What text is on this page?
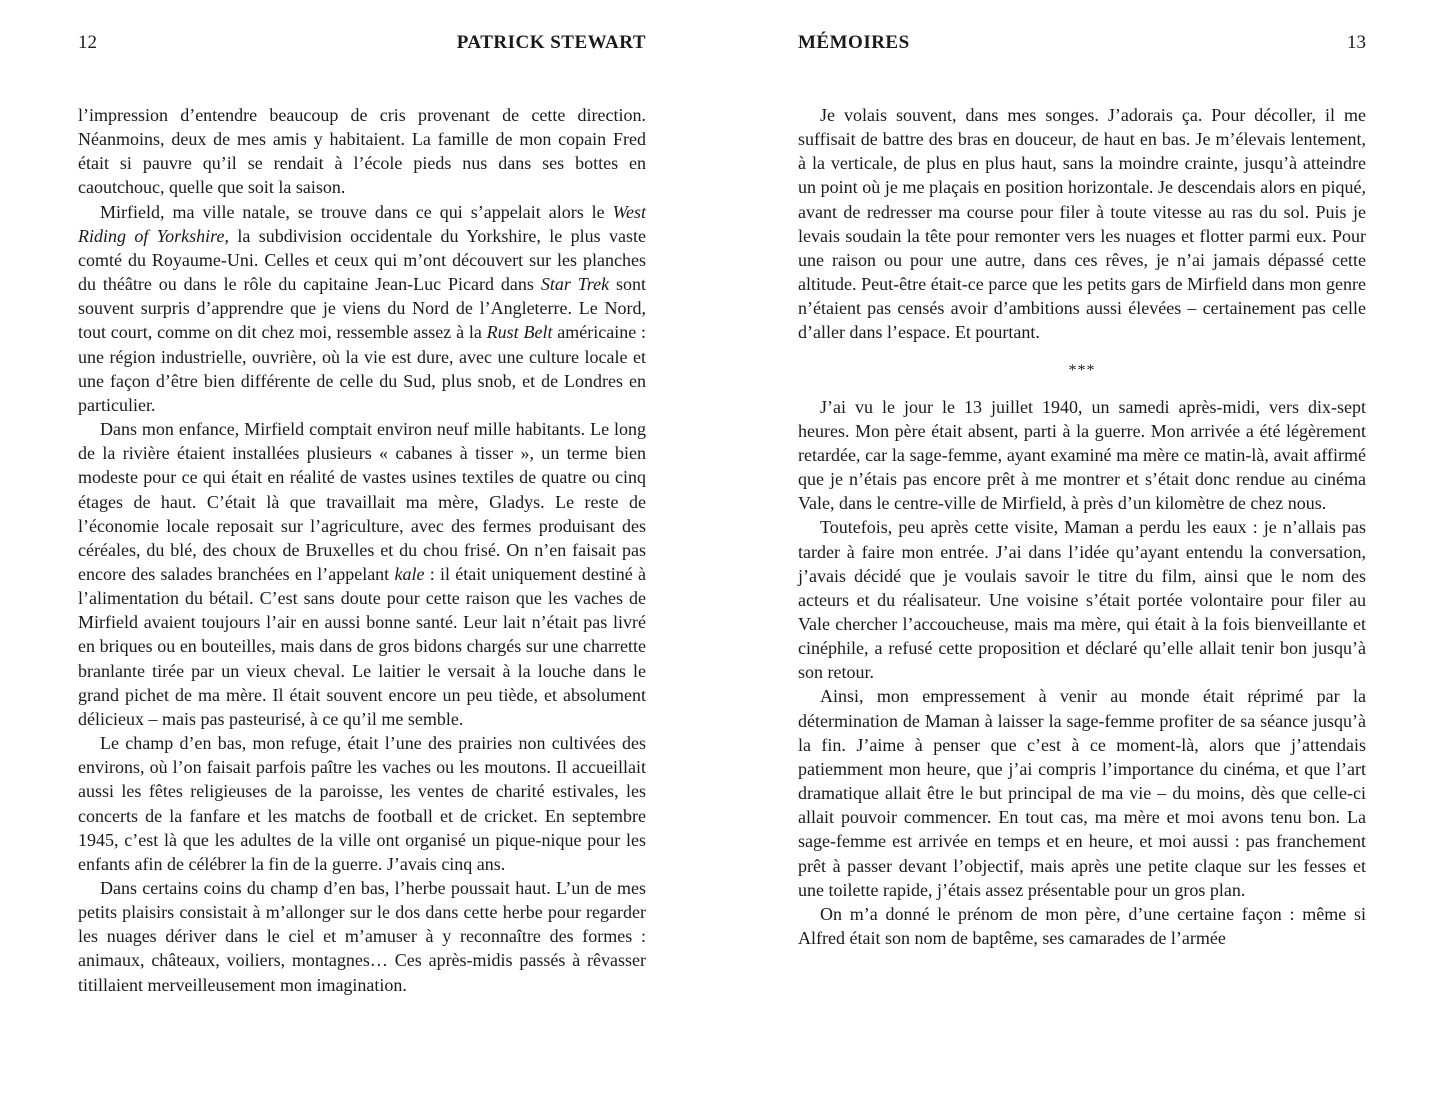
12	PATRICK STEWART

l’impression d’entendre beaucoup de cris provenant de cette direction. Néanmoins, deux de mes amis y habitaient. La famille de mon copain Fred était si pauvre qu’il se rendait à l’école pieds nus dans ses bottes en caoutchouc, quelle que soit la saison.

Mirfield, ma ville natale, se trouve dans ce qui s’appelait alors le West Riding of Yorkshire, la subdivision occidentale du Yorkshire, le plus vaste comté du Royaume-Uni. Celles et ceux qui m’ont découvert sur les planches du théâtre ou dans le rôle du capitaine Jean-Luc Picard dans Star Trek sont souvent surpris d’apprendre que je viens du Nord de l’Angleterre. Le Nord, tout court, comme on dit chez moi, ressemble assez à la Rust Belt américaine : une région industrielle, ouvrière, où la vie est dure, avec une culture locale et une façon d’être bien différente de celle du Sud, plus snob, et de Londres en particulier.

Dans mon enfance, Mirfield comptait environ neuf mille habitants. Le long de la rivière étaient installées plusieurs « cabanes à tisser », un terme bien modeste pour ce qui était en réalité de vastes usines textiles de quatre ou cinq étages de haut. C’était là que travaillait ma mère, Gladys. Le reste de l’économie locale reposait sur l’agriculture, avec des fermes produisant des céréales, du blé, des choux de Bruxelles et du chou frisé. On n’en faisait pas encore des salades branchées en l’appelant kale : il était uniquement destiné à l’alimentation du bétail. C’est sans doute pour cette raison que les vaches de Mirfield avaient toujours l’air en aussi bonne santé. Leur lait n’était pas livré en briques ou en bouteilles, mais dans de gros bidons chargés sur une charrette branlante tirée par un vieux cheval. Le laitier le versait à la louche dans le grand pichet de ma mère. Il était souvent encore un peu tiède, et absolument délicieux – mais pas pasteurisé, à ce qu’il me semble.

Le champ d’en bas, mon refuge, était l’une des prairies non cultivées des environs, où l’on faisait parfois paître les vaches ou les moutons. Il accueillait aussi les fêtes religieuses de la paroisse, les ventes de charité estivales, les concerts de la fanfare et les matchs de football et de cricket. En septembre 1945, c’est là que les adultes de la ville ont organisé un pique-nique pour les enfants afin de célébrer la fin de la guerre. J’avais cinq ans.

Dans certains coins du champ d’en bas, l’herbe poussait haut. L’un de mes petits plaisirs consistait à m’allonger sur le dos dans cette herbe pour regarder les nuages dériver dans le ciel et m’amuser à y reconnaître des formes : animaux, châteaux, voiliers, montagnes… Ces après-midis passés à rêvasser titillaient merveilleusement mon imagination.

MÉMOIRES	13

Je volais souvent, dans mes songes. J’adorais ça. Pour décoller, il me suffisait de battre des bras en douceur, de haut en bas. Je m’élevais lentement, à la verticale, de plus en plus haut, sans la moindre crainte, jusqu’à atteindre un point où je me plaçais en position horizontale. Je descendais alors en piqué, avant de redresser ma course pour filer à toute vitesse au ras du sol. Puis je levais soudain la tête pour remonter vers les nuages et flotter parmi eux. Pour une raison ou pour une autre, dans ces rêves, je n’ai jamais dépassé cette altitude. Peut-être était-ce parce que les petits gars de Mirfield dans mon genre n’étaient pas censés avoir d’ambitions aussi élevées – certainement pas celle d’aller dans l’espace. Et pourtant.

***

J’ai vu le jour le 13 juillet 1940, un samedi après-midi, vers dix-sept heures. Mon père était absent, parti à la guerre. Mon arrivée a été légèrement retardée, car la sage-femme, ayant examiné ma mère ce matin-là, avait affirmé que je n’étais pas encore prêt à me montrer et s’était donc rendue au cinéma Vale, dans le centre-ville de Mirfield, à près d’un kilomètre de chez nous.

Toutefois, peu après cette visite, Maman a perdu les eaux : je n’allais pas tarder à faire mon entrée. J’ai dans l’idée qu’ayant entendu la conversation, j’avais décidé que je voulais savoir le titre du film, ainsi que le nom des acteurs et du réalisateur. Une voisine s’était portée volontaire pour filer au Vale chercher l’accoucheuse, mais ma mère, qui était à la fois bienveillante et cinéphile, a refusé cette proposition et déclaré qu’elle allait tenir bon jusqu’à son retour.

Ainsi, mon empressement à venir au monde était réprimé par la détermination de Maman à laisser la sage-femme profiter de sa séance jusqu’à la fin. J’aime à penser que c’est à ce moment-là, alors que j’attendais patiemment mon heure, que j’ai compris l’importance du cinéma, et que l’art dramatique allait être le but principal de ma vie – du moins, dès que celle-ci allait pouvoir commencer. En tout cas, ma mère et moi avons tenu bon. La sage-femme est arrivée en temps et en heure, et moi aussi : pas franchement prêt à passer devant l’objectif, mais après une petite claque sur les fesses et une toilette rapide, j’étais assez présentable pour un gros plan.

On m’a donné le prénom de mon père, d’une certaine façon : même si Alfred était son nom de baptême, ses camarades de l’armée
